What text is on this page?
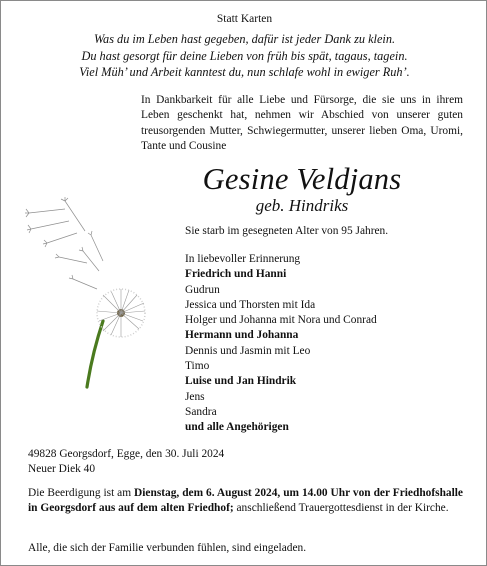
Statt Karten

Was du im Leben hast gegeben, dafür ist jeder Dank zu klein.
Du hast gesorgt für deine Lieben von früh bis spät, tagaus, tagein.
Viel Müh’ und Arbeit kanntest du, nun schlafe wohl in ewiger Ruh’.

In Dankbarkeit für alle Liebe und Fürsorge, die sie uns in ihrem Leben geschenkt hat, nehmen wir Abschied von unserer guten treusorgenden Mutter, Schwiegermutter, unserer lieben Oma, Uromi, Tante und Cousine

Gesine Veldjans

geb. Hindriks

Sie starb im gesegneten Alter von 95 Jahren.

In liebevoller Erinnerung
Friedrich und Hanni
Gudrun
Jessica und Thorsten mit Ida
Holger und Johanna mit Nora und Conrad
Hermann und Johanna
Dennis und Jasmin mit Leo
Timo
Luise und Jan Hindrik
Jens
Sandra
und alle Angehörigen
49828 Georgsdorf, Egge, den 30. Juli 2024
Neuer Diek 40

Die Beerdigung ist am Dienstag, dem 6. August 2024, um 14.00 Uhr von der Friedhofshalle in Georgsdorf aus auf dem alten Friedhof; anschließend Trauergottesdienst in der Kirche.

Alle, die sich der Familie verbunden fühlen, sind eingeladen.
